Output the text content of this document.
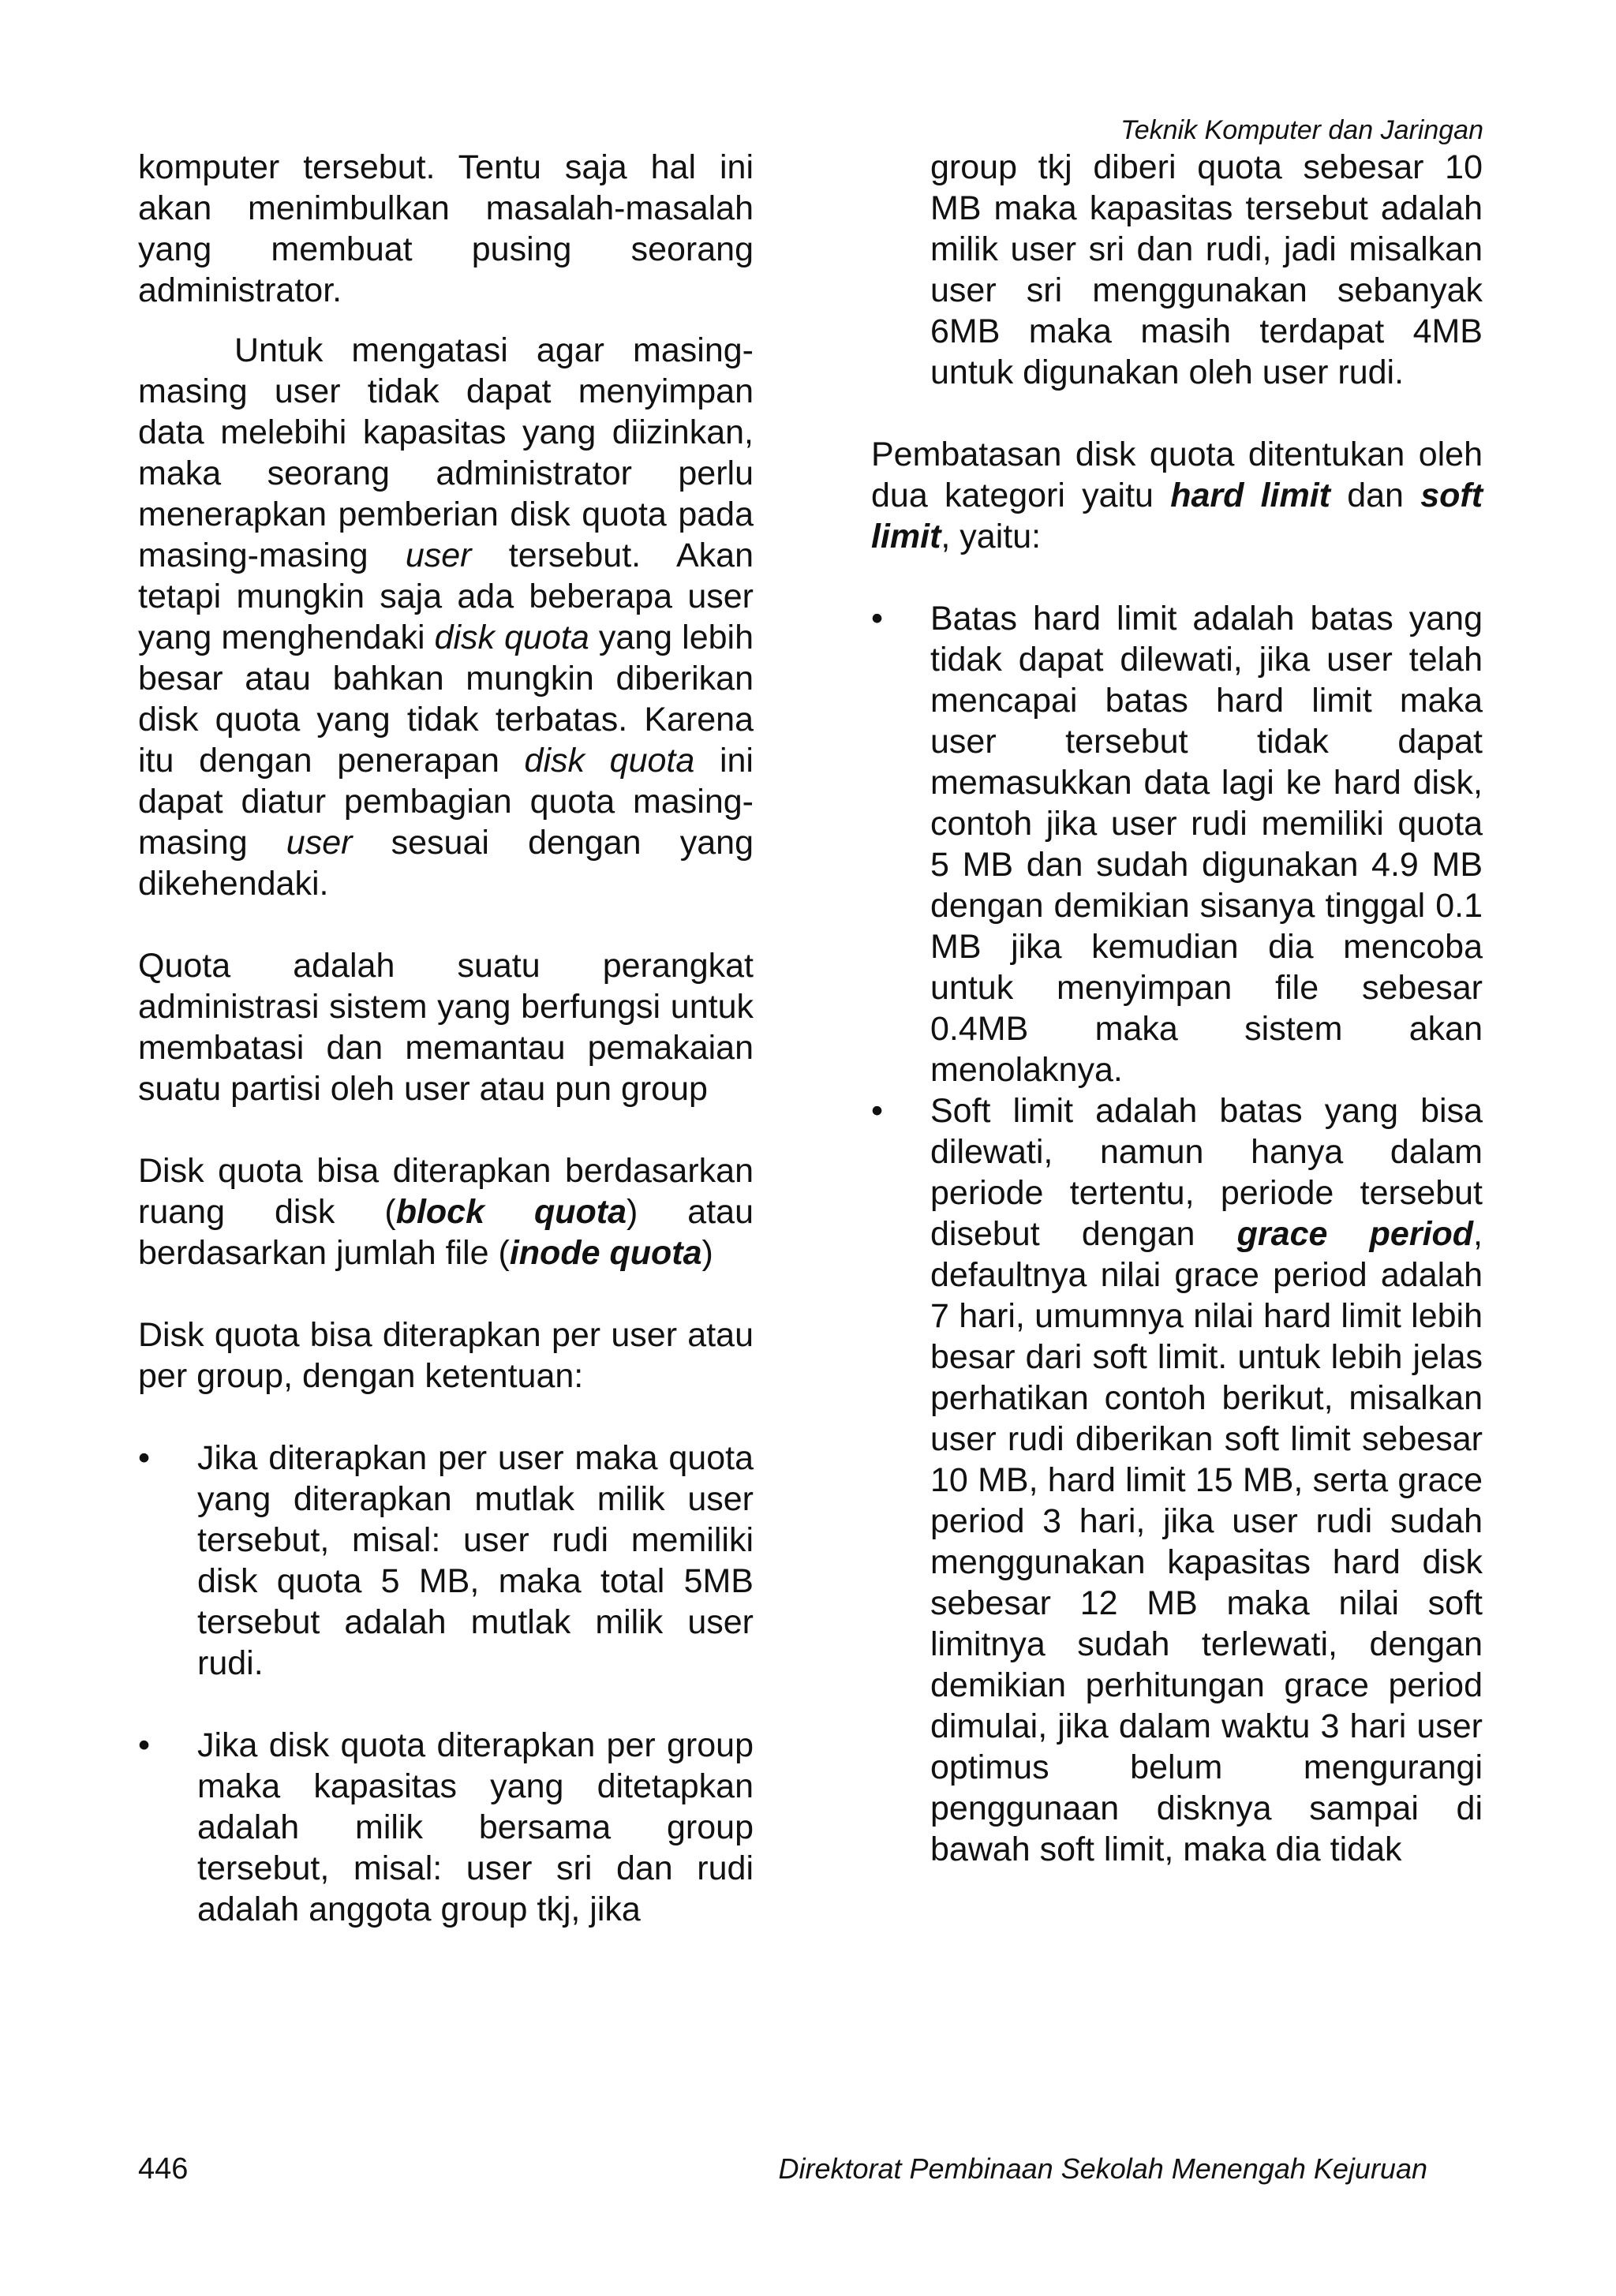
Teknik Komputer dan Jaringan

komputer tersebut. Tentu saja hal ini akan menimbulkan masalah-masalah yang membuat pusing seorang administrator.

Untuk mengatasi agar masing-masing user tidak dapat menyimpan data melebihi kapasitas yang diizinkan, maka seorang administrator perlu menerapkan pemberian disk quota pada masing-masing user tersebut. Akan tetapi mungkin saja ada beberapa user yang menghendaki disk quota yang lebih besar atau bahkan mungkin diberikan disk quota yang tidak terbatas. Karena itu dengan penerapan disk quota ini dapat diatur pembagian quota masing-masing user sesuai dengan yang dikehendaki.

Quota adalah suatu perangkat administrasi sistem yang berfungsi untuk membatasi dan memantau pemakaian suatu partisi oleh user atau pun group

Disk quota bisa diterapkan berdasarkan ruang disk (block quota) atau berdasarkan jumlah file (inode quota)

Disk quota bisa diterapkan per user atau per group, dengan ketentuan:

• Jika diterapkan per user maka quota yang diterapkan mutlak milik user tersebut, misal: user rudi memiliki disk quota 5 MB, maka total 5MB tersebut adalah mutlak milik user rudi.
• Jika disk quota diterapkan per group maka kapasitas yang ditetapkan adalah milik bersama group tersebut, misal: user sri dan rudi adalah anggota group tkj, jika

group tkj diberi quota sebesar 10 MB maka kapasitas tersebut adalah milik user sri dan rudi, jadi misalkan user sri menggunakan sebanyak 6MB maka masih terdapat 4MB untuk digunakan oleh user rudi.

Pembatasan disk quota ditentukan oleh dua kategori yaitu hard limit dan soft limit, yaitu:

• Batas hard limit adalah batas yang tidak dapat dilewati, jika user telah mencapai batas hard limit maka user tersebut tidak dapat memasukkan data lagi ke hard disk, contoh jika user rudi memiliki quota 5 MB dan sudah digunakan 4.9 MB dengan demikian sisanya tinggal 0.1 MB jika kemudian dia mencoba untuk menyimpan file sebesar 0.4MB maka sistem akan menolaknya.
• Soft limit adalah batas yang bisa dilewati, namun hanya dalam periode tertentu, periode tersebut disebut dengan grace period, defaultnya nilai grace period adalah 7 hari, umumnya nilai hard limit lebih besar dari soft limit. untuk lebih jelas perhatikan contoh berikut, misalkan user rudi diberikan soft limit sebesar 10 MB, hard limit 15 MB, serta grace period 3 hari, jika user rudi sudah menggunakan kapasitas hard disk sebesar 12 MB maka nilai soft limitnya sudah terlewati, dengan demikian perhitungan grace period dimulai, jika dalam waktu 3 hari user optimus belum mengurangi penggunaan disknya sampai di bawah soft limit, maka dia tidak
446	Direktorat Pembinaan Sekolah Menengah Kejuruan
